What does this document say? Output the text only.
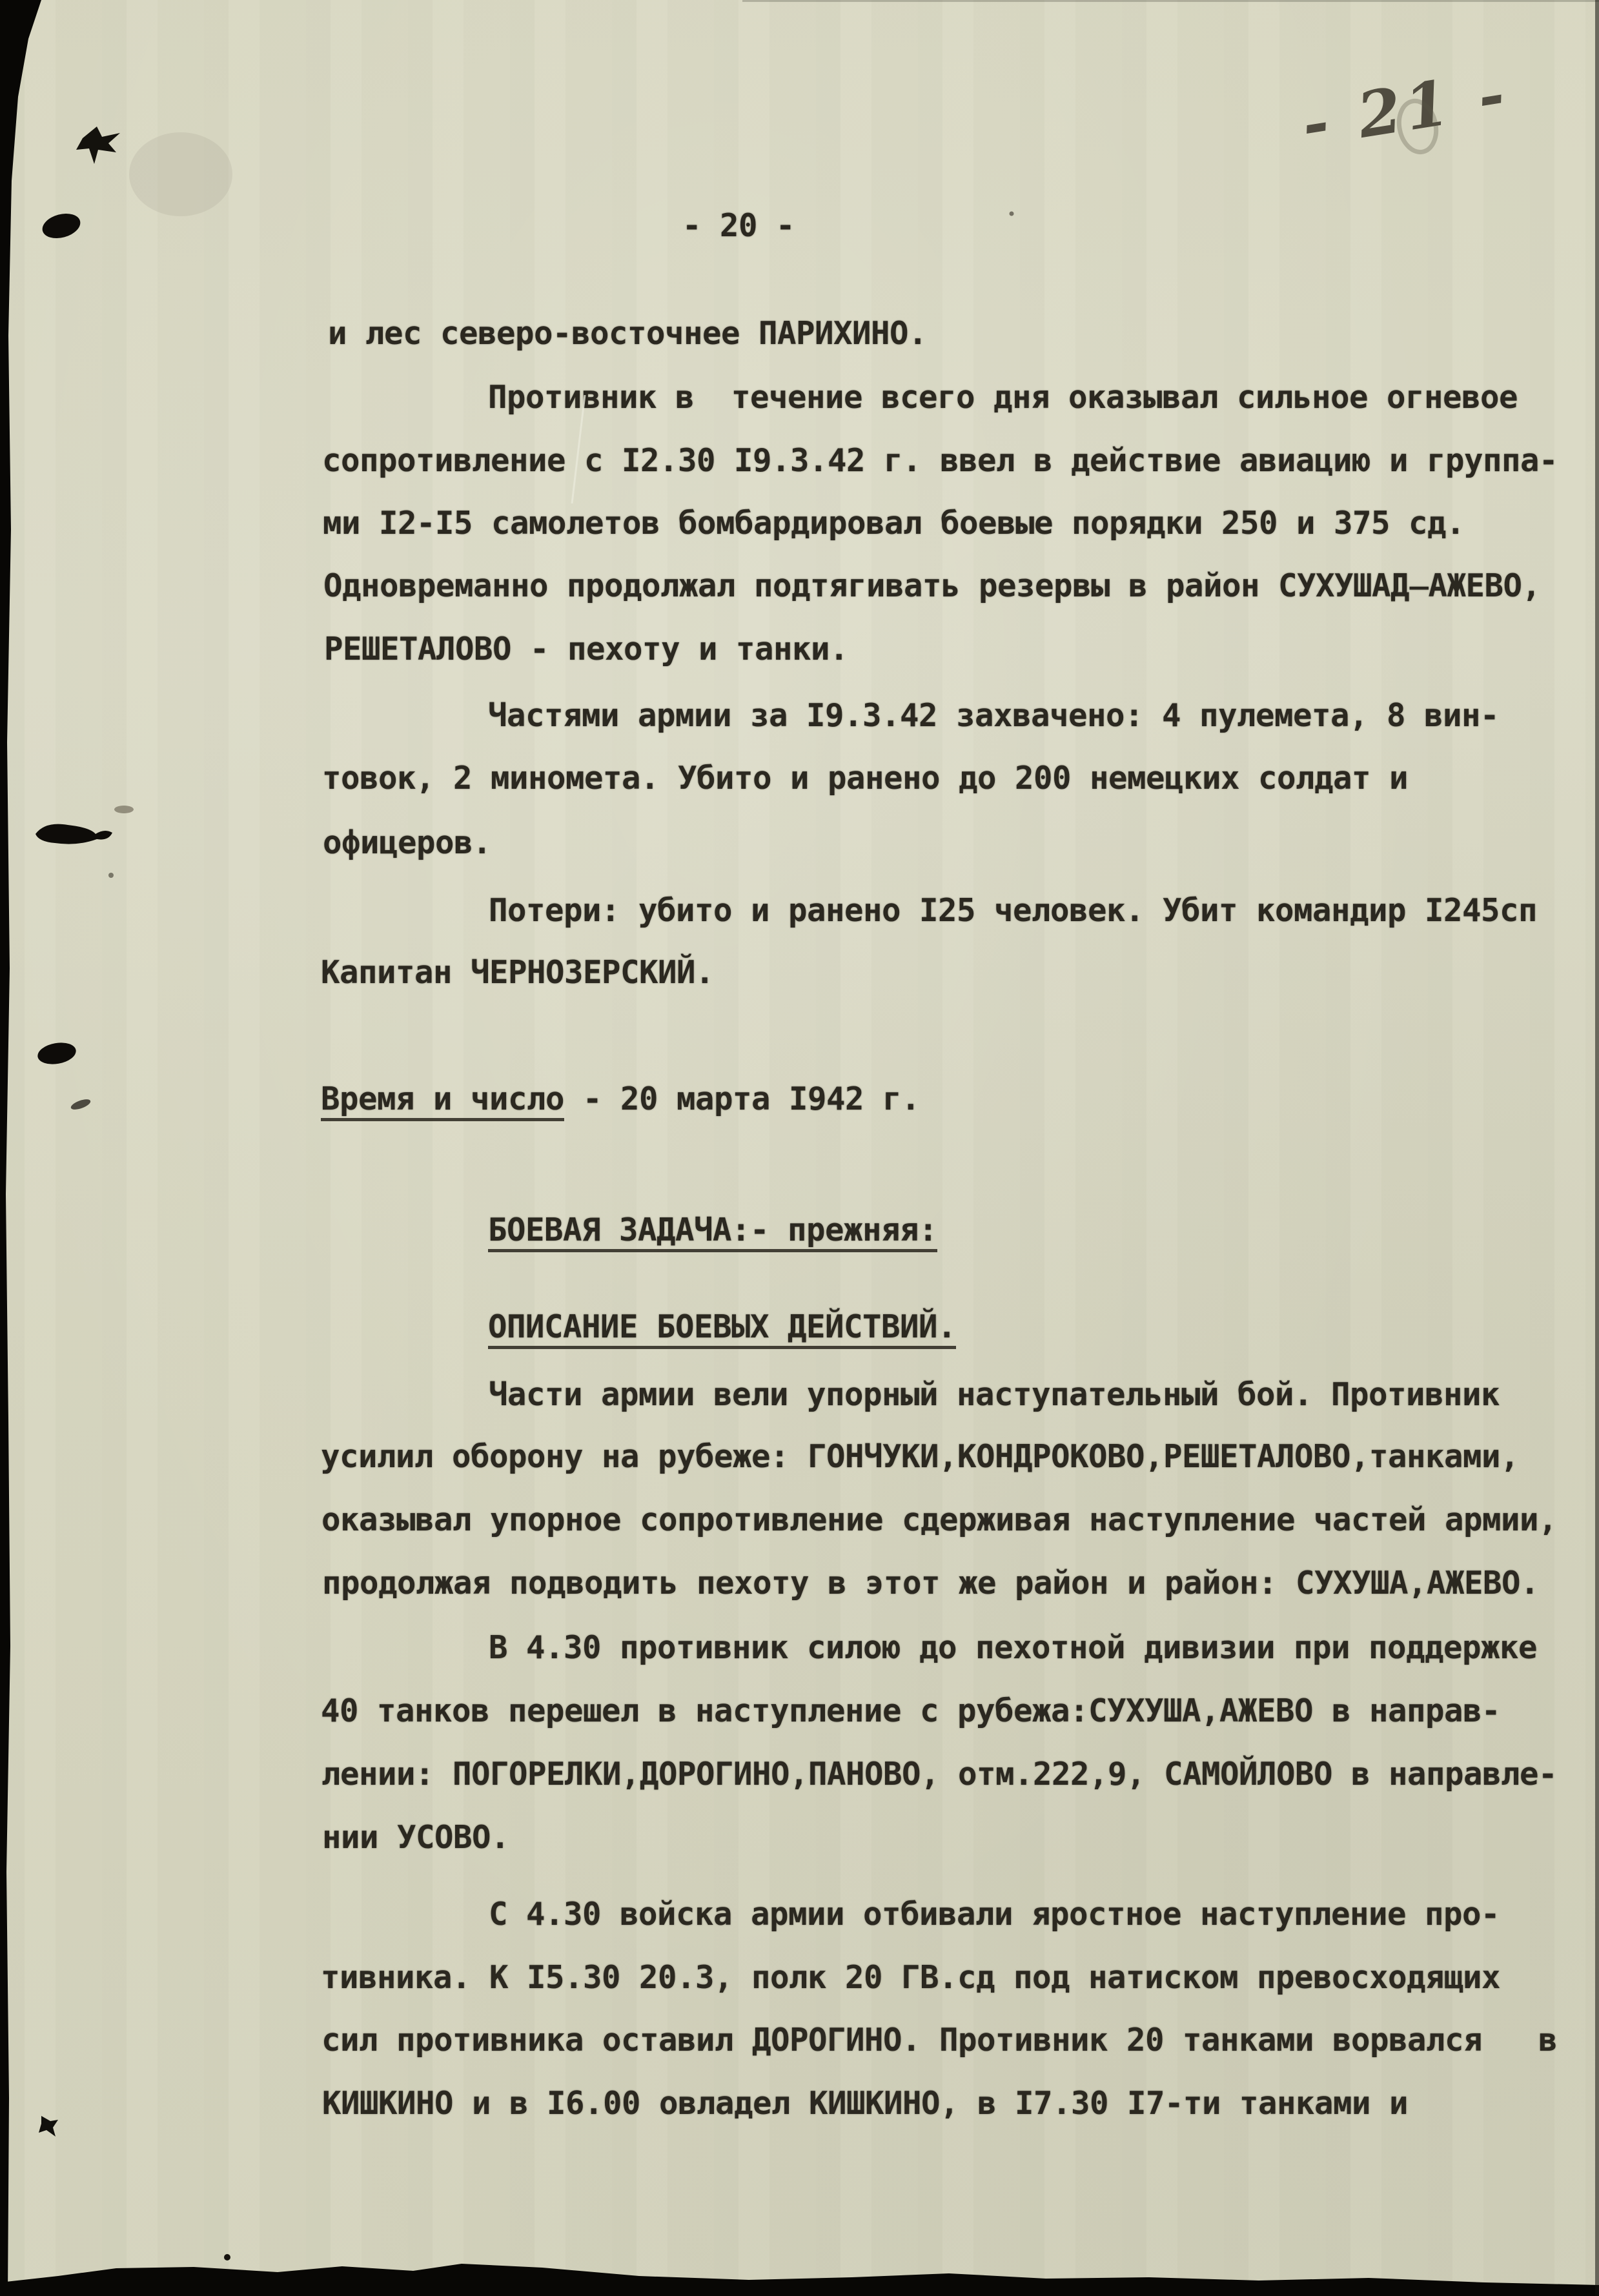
- 21 -
- 20 -
и лес северо-восточнее ПАРИХИНО.
Противник в  течение всего дня оказывал сильное огневое
сопротивление с I2.30 I9.3.42 г. ввел в действие авиацию и группа-
ми I2-I5 самолетов бомбардировал боевые порядки 250 и 375 сд.
Одновреманно продолжал подтягивать резервы в район СУХУШАД̶АЖЕВО,
РЕШЕТАЛОВО - пехоту и танки.
Частями армии за I9.3.42 захвачено: 4 пулемета, 8 вин-
товок, 2 миномета. Убито и ранено до 200 немецких солдат и
офицеров.
Потери: убито и ранено I25 человек. Убит командир I245сп
Капитан ЧЕРНОЗЕРСКИЙ.
Время и число - 20 марта I942 г.
БОЕВАЯ ЗАДАЧА:- прежняя:
ОПИСАНИЕ БОЕВЫХ ДЕЙСТВИЙ.
Части армии вели упорный наступательный бой. Противник
усилил оборону на рубеже: ГОНЧУКИ,КОНДРОКОВО,РЕШЕТАЛОВО,танками,
оказывал упорное сопротивление сдерживая наступление частей армии,
продолжая подводить пехоту в этот же район и район: СУХУША,АЖЕВО.
В 4.30 противник силою до пехотной дивизии при поддержке
40 танков перешел в наступление с рубежа:СУХУША,АЖЕВО в направ-
лении: ПОГОРЕЛКИ,ДОРОГИНО,ПАНОВО, отм.222,9, САМОЙЛОВО в направле-
нии УСОВО.
С 4.30 войска армии отбивали яростное наступление про-
тивника. К I5.30 20.3, полк 20 ГВ.сд под натиском превосходящих
сил противника оставил ДОРОГИНО. Противник 20 танками ворвался   в
КИШКИНО и в I6.00 овладел КИШКИНО, в I7.30 I7-ти танками и
